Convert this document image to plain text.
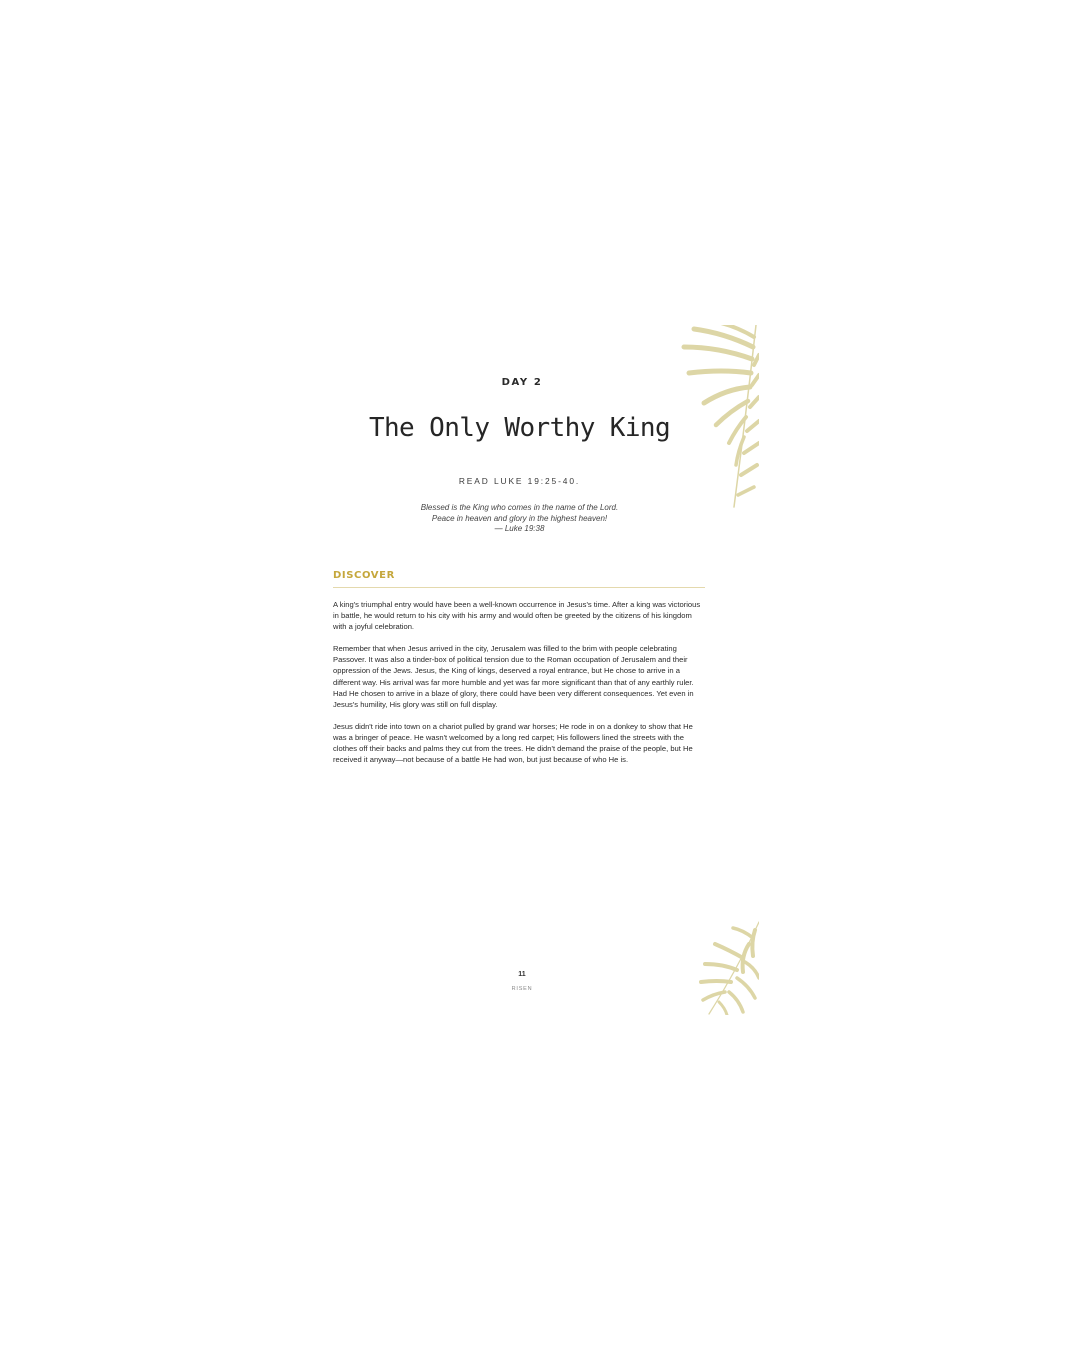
DAY 2
The Only Worthy King
READ LUKE 19:25-40.
Blessed is the King who comes in the name of the Lord.
Peace in heaven and glory in the highest heaven!
— Luke 19:38
DISCOVER

A king's triumphal entry would have been a well-known occurrence in Jesus's time. After a king was victorious in battle, he would return to his city with his army and would often be greeted by the citizens of his kingdom with a joyful celebration.

Remember that when Jesus arrived in the city, Jerusalem was filled to the brim with people celebrating Passover. It was also a tinder-box of political tension due to the Roman occupation of Jerusalem and their oppression of the Jews. Jesus, the King of kings, deserved a royal entrance, but He chose to arrive in a different way. His arrival was far more humble and yet was far more significant than that of any earthly ruler. Had He chosen to arrive in a blaze of glory, there could have been very different consequences. Yet even in Jesus's humility, His glory was still on full display.

Jesus didn't ride into town on a chariot pulled by grand war horses; He rode in on a donkey to show that He was a bringer of peace. He wasn't welcomed by a long red carpet; His followers lined the streets with the clothes off their backs and palms they cut from the trees. He didn't demand the praise of the people, but He received it anyway—not because of a battle He had won, but just because of who He is.

11
RISEN
